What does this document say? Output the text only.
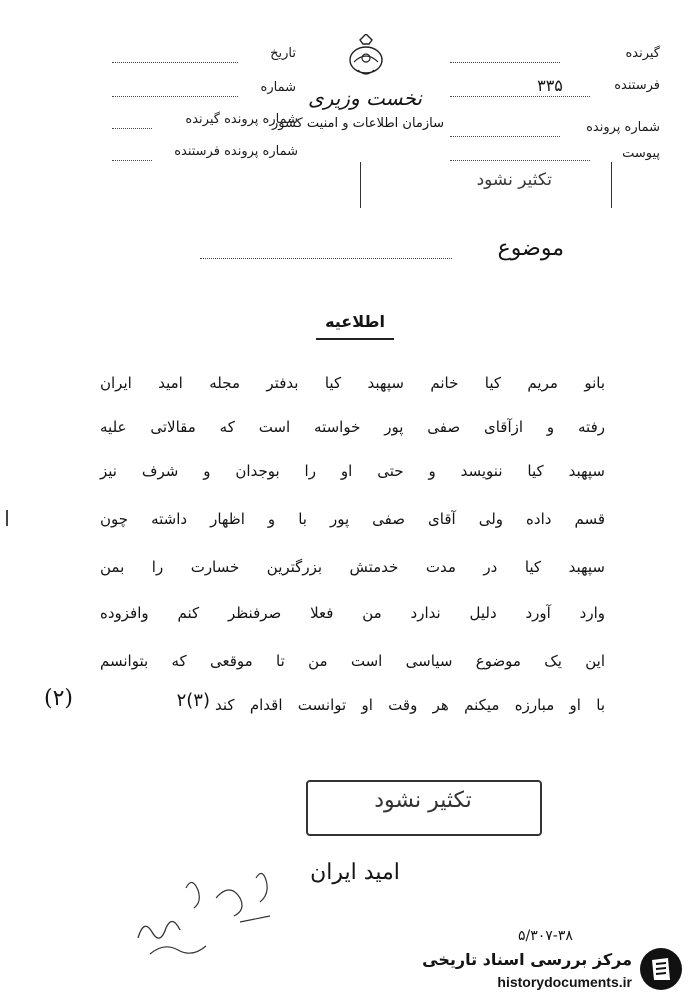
گیرنده
فرستنده
۳۳۵
شماره پرونده
پیوست
تاریخ
شماره
شماره پرونده گیرنده
شماره پرونده فرستنده
نخست وزیری
سازمان اطلاعات و امنیت کشور
تکثیر نشود
موضوع
اطلاعیه
بانو مریم کیا خانم سپهبد کیا بدفتر مجله امید ایران
رفته و ازآقای صفی پور خواسته است که مقالاتی علیه
سپهبد کیا ننویسد و حتی او را بوجدان و شرف نیز
قسم داده ولی آقای صفی پور با و اظهار داشته چون
سپهبد کیا در مدت خدمتش بزرگترین خسارت را بمن
وارد آورد دلیل ندارد من فعلا صرفنظر کنم وافزوده
این یک موضوع سیاسی است من تا موقعی که بتوانسم
با او مبارزه میکنم هر وقت او توانست اقدام کند
۲(۳)
(۲)
تکثیر نشود
امید ایران
۵/۳۰۷-۳۸
مرکز بررسی اسناد تاریخی
historydocuments.ir
